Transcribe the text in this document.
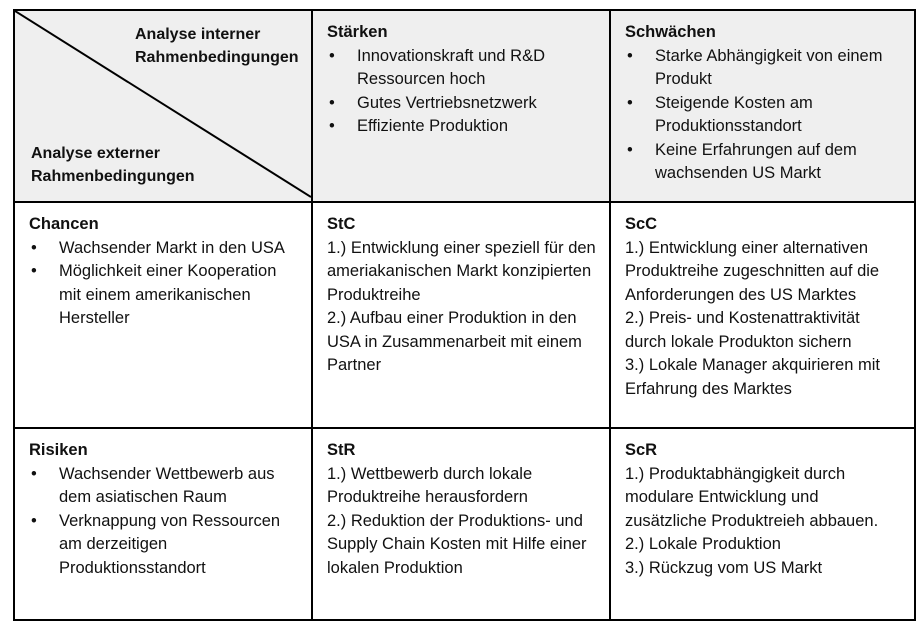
Analyse interner
Rahmenbedingungen
Analyse externer
Rahmenbedingungen
Stärken
• Innovationskraft und R&D Ressourcen hoch
• Gutes Vertriebsnetzwerk
• Effiziente Produktion
Schwächen
• Starke Abhängigkeit von einem Produkt
• Steigende Kosten am Produktionsstandort
• Keine Erfahrungen auf dem wachsenden US Markt
Chancen
• Wachsender Markt in den USA
• Möglichkeit einer Kooperation mit einem amerikanischen Hersteller
StC
1.) Entwicklung einer speziell für den ameriakanischen Markt konzipierten Produktreihe
2.) Aufbau einer Produktion in den USA in Zusammenarbeit mit einem Partner
ScC
1.) Entwicklung einer alternativen Produktreihe zugeschnitten auf die Anforderungen des US Marktes
2.) Preis- und Kostenattraktivität durch lokale Produkton sichern
3.) Lokale Manager akquirieren mit Erfahrung des Marktes
Risiken
• Wachsender Wettbewerb aus dem asiatischen Raum
• Verknappung von Ressourcen am derzeitigen Produktionsstandort
StR
1.) Wettbewerb durch lokale Produktreihe herausfordern
2.) Reduktion der Produktions- und Supply Chain Kosten mit Hilfe einer lokalen Produktion
ScR
1.) Produktabhängigkeit durch modulare Entwicklung und zusätzliche Produktreieh abbauen.
2.) Lokale Produktion
3.) Rückzug vom US Markt
